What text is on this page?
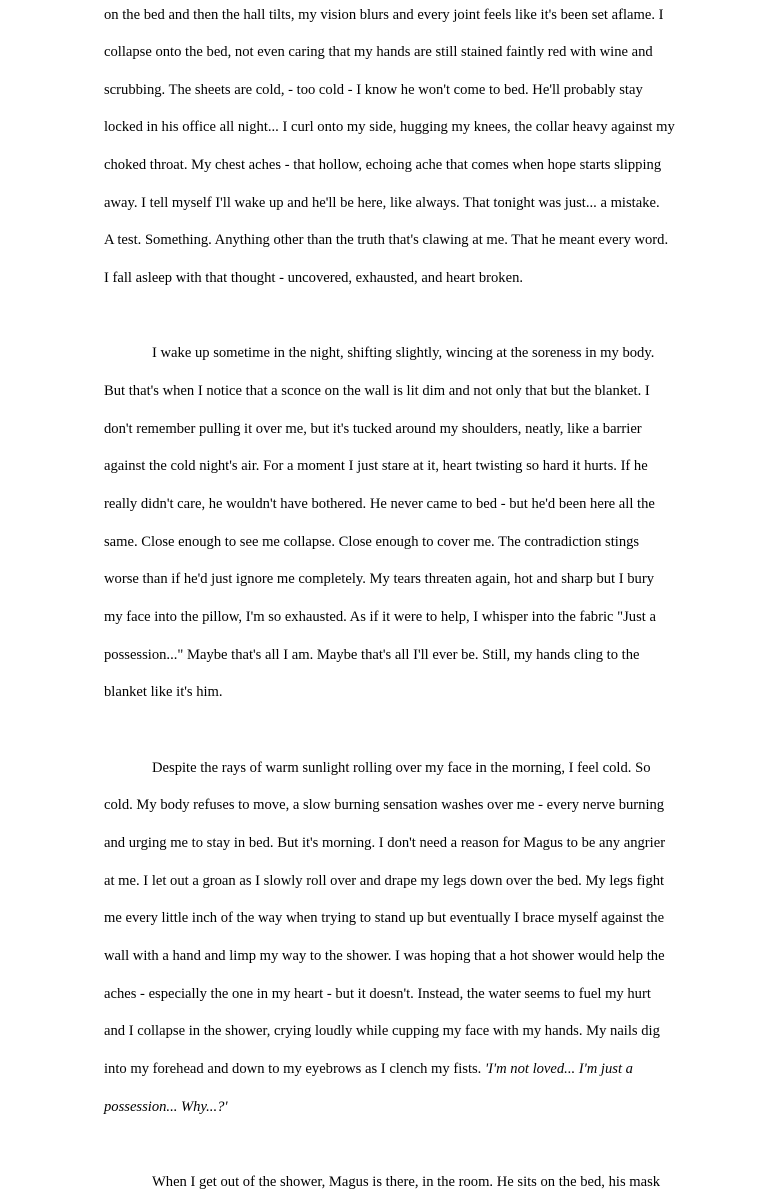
on the bed and then the hall tilts, my vision blurs and every joint feels like it's been set aflame. I
collapse onto the bed, not even caring that my hands are still stained faintly red with wine and
scrubbing. The sheets are cold, - too cold - I know he won't come to bed. He'll probably stay
locked in his office all night... I curl onto my side, hugging my knees, the collar heavy against my
choked throat. My chest aches - that hollow, echoing ache that comes when hope starts slipping
away. I tell myself I'll wake up and he'll be here, like always. That tonight was just... a mistake.
A test. Something. Anything other than the truth that's clawing at me. That he meant every word.
I fall asleep with that thought - uncovered, exhausted, and heart broken.
I wake up sometime in the night, shifting slightly, wincing at the soreness in my body.
But that's when I notice that a sconce on the wall is lit dim and not only that but the blanket. I
don't remember pulling it over me, but it's tucked around my shoulders, neatly, like a barrier
against the cold night's air. For a moment I just stare at it, heart twisting so hard it hurts. If he
really didn't care, he wouldn't have bothered. He never came to bed - but he'd been here all the
same. Close enough to see me collapse. Close enough to cover me. The contradiction stings
worse than if he'd just ignore me completely. My tears threaten again, hot and sharp but I bury
my face into the pillow, I'm so exhausted. As if it were to help, I whisper into the fabric "Just a
possession..." Maybe that's all I am. Maybe that's all I'll ever be. Still, my hands cling to the
blanket like it's him.
Despite the rays of warm sunlight rolling over my face in the morning, I feel cold. So
cold. My body refuses to move, a slow burning sensation washes over me - every nerve burning
and urging me to stay in bed. But it's morning. I don't need a reason for Magus to be any angrier
at me. I let out a groan as I slowly roll over and drape my legs down over the bed. My legs fight
me every little inch of the way when trying to stand up but eventually I brace myself against the
wall with a hand and limp my way to the shower. I was hoping that a hot shower would help the
aches - especially the one in my heart - but it doesn't. Instead, the water seems to fuel my hurt
and I collapse in the shower, crying loudly while cupping my face with my hands. My nails dig
into my forehead and down to my eyebrows as I clench my fists. 'I'm not loved... I'm just a
possession... Why...?'
When I get out of the shower, Magus is there, in the room. He sits on the bed, his mask
